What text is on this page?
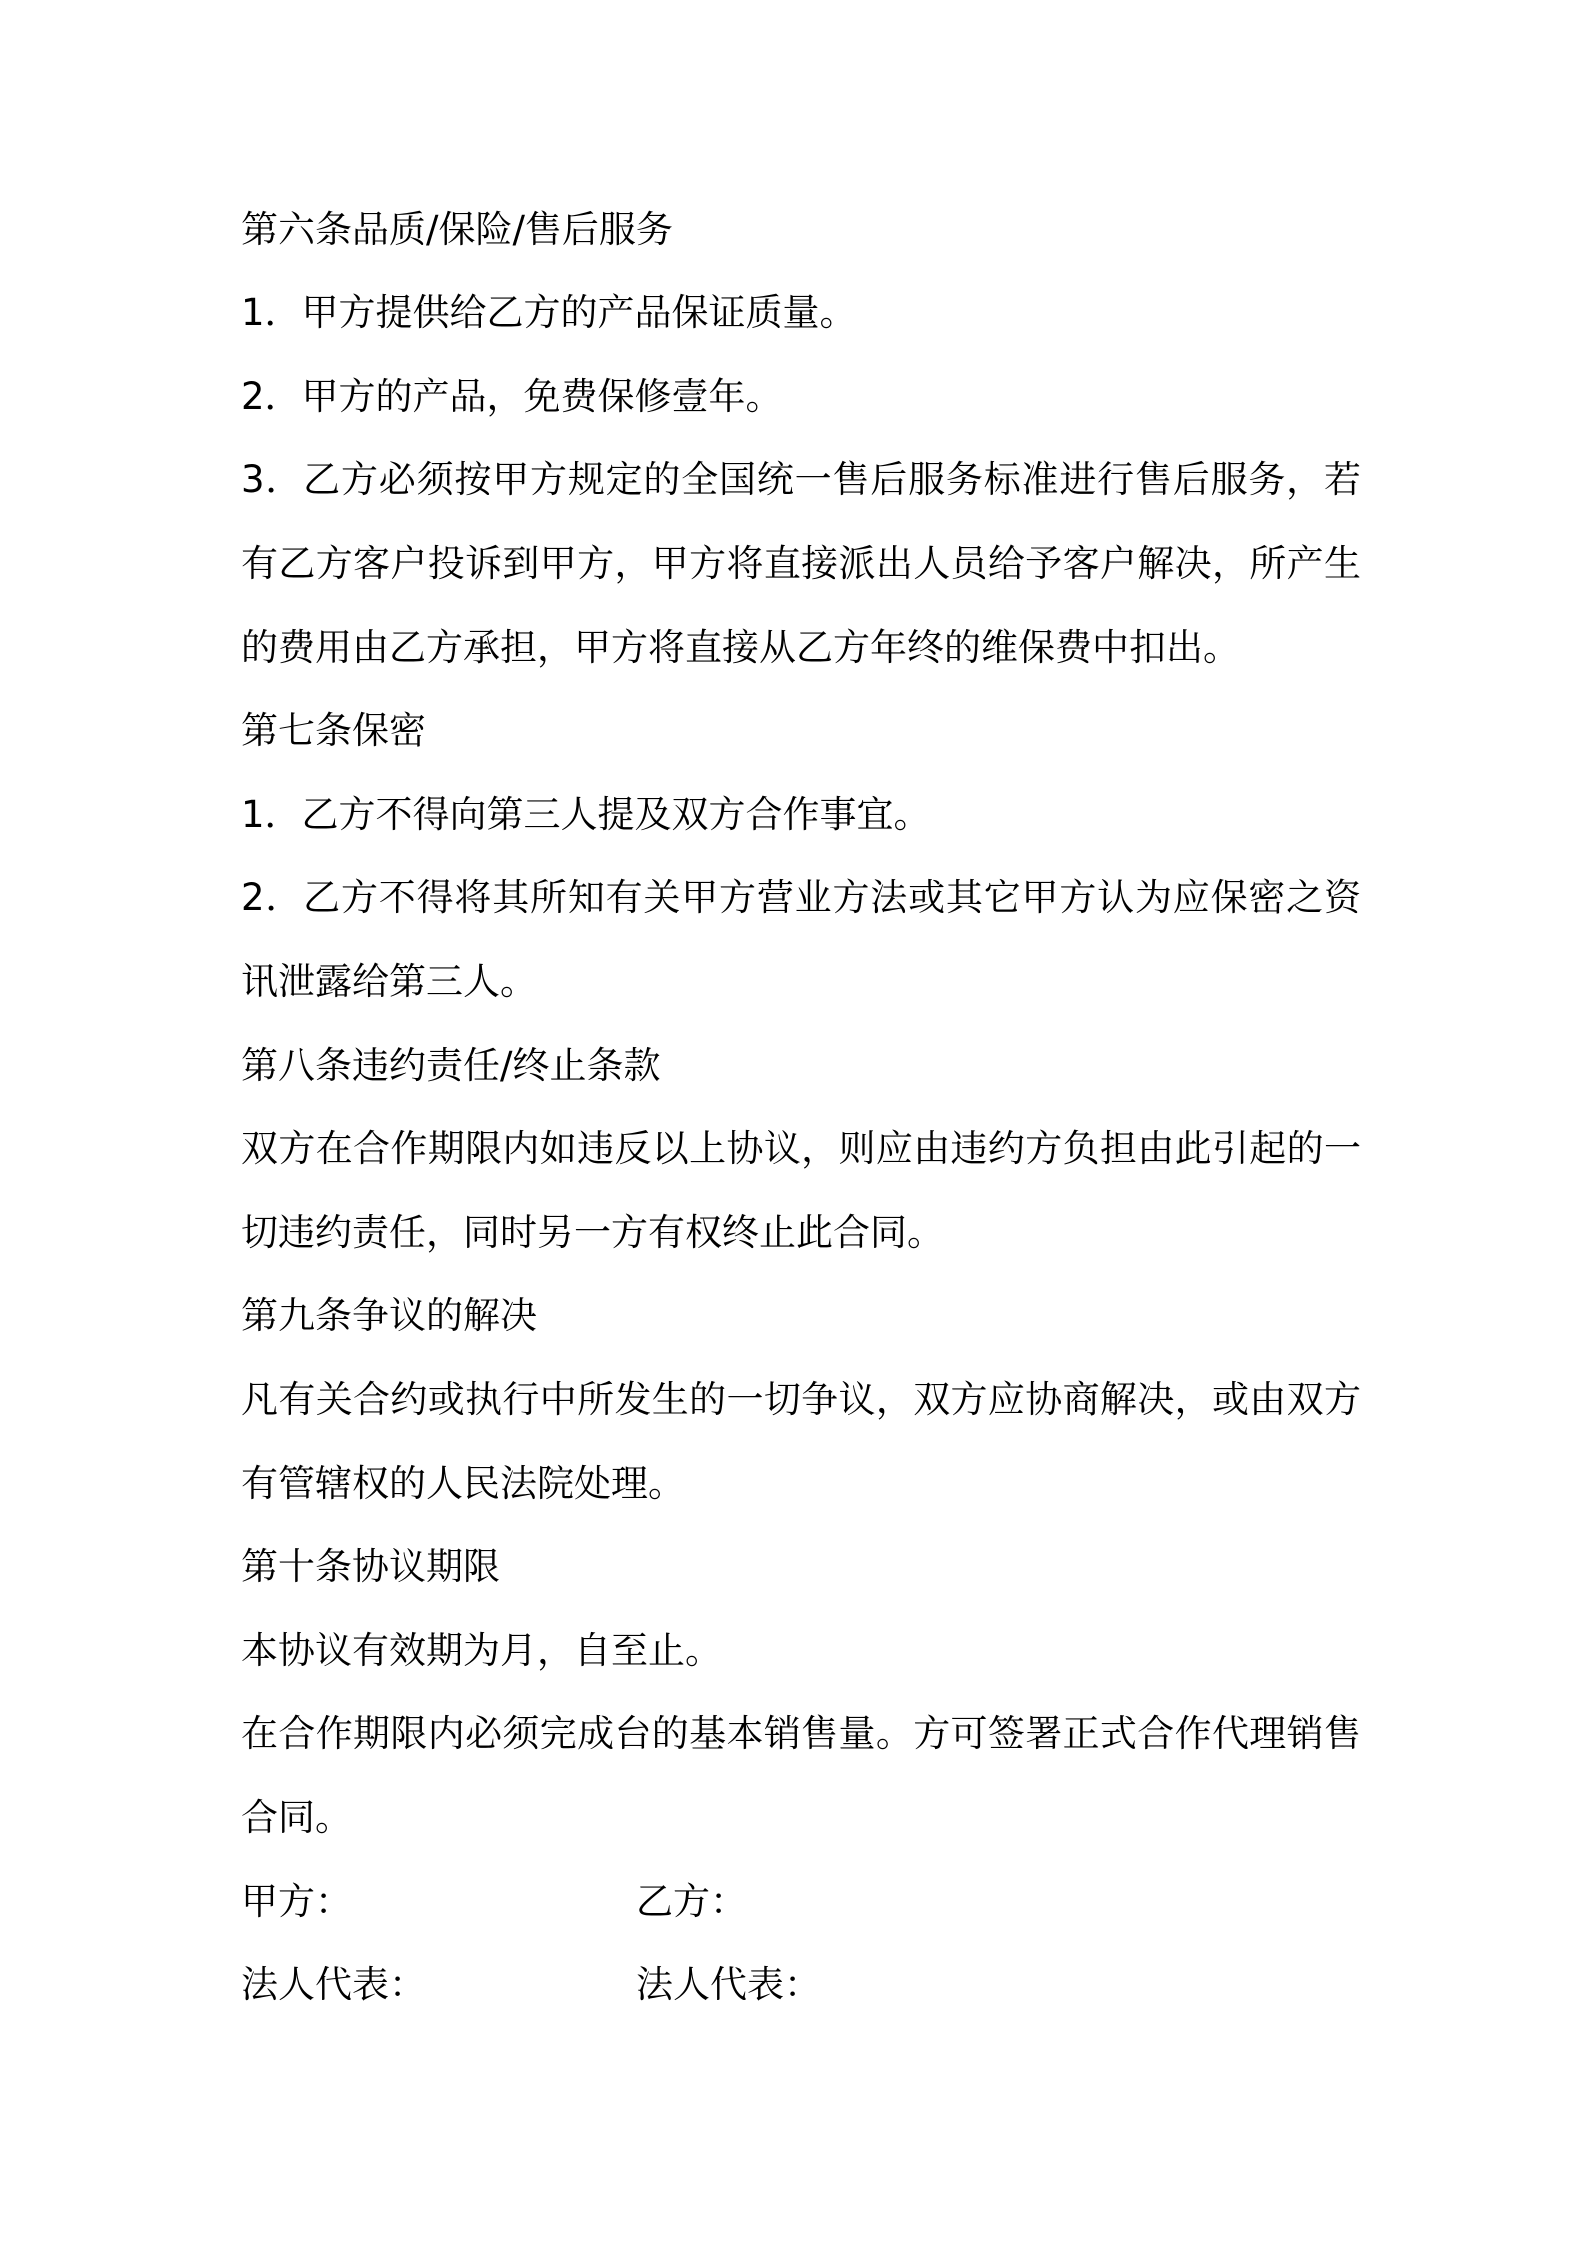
第六条品质/保险/售后服务
1．甲方提供给乙方的产品保证质量。
2．甲方的产品，免费保修壹年。
3．乙方必须按甲方规定的全国统一售后服务标准进行售后服务，若
有乙方客户投诉到甲方，甲方将直接派出人员给予客户解决，所产生
的费用由乙方承担，甲方将直接从乙方年终的维保费中扣出。
第七条保密
1．乙方不得向第三人提及双方合作事宜。
2．乙方不得将其所知有关甲方营业方法或其它甲方认为应保密之资
讯泄露给第三人。
第八条违约责任/终止条款
双方在合作期限内如违反以上协议，则应由违约方负担由此引起的一
切违约责任，同时另一方有权终止此合同。
第九条争议的解决
凡有关合约或执行中所发生的一切争议，双方应协商解决，或由双方
有管辖权的人民法院处理。
第十条协议期限
本协议有效期为月，自至止。
在合作期限内必须完成台的基本销售量。方可签署正式合作代理销售
合同。
甲方：	乙方：
法人代表：	法人代表：
